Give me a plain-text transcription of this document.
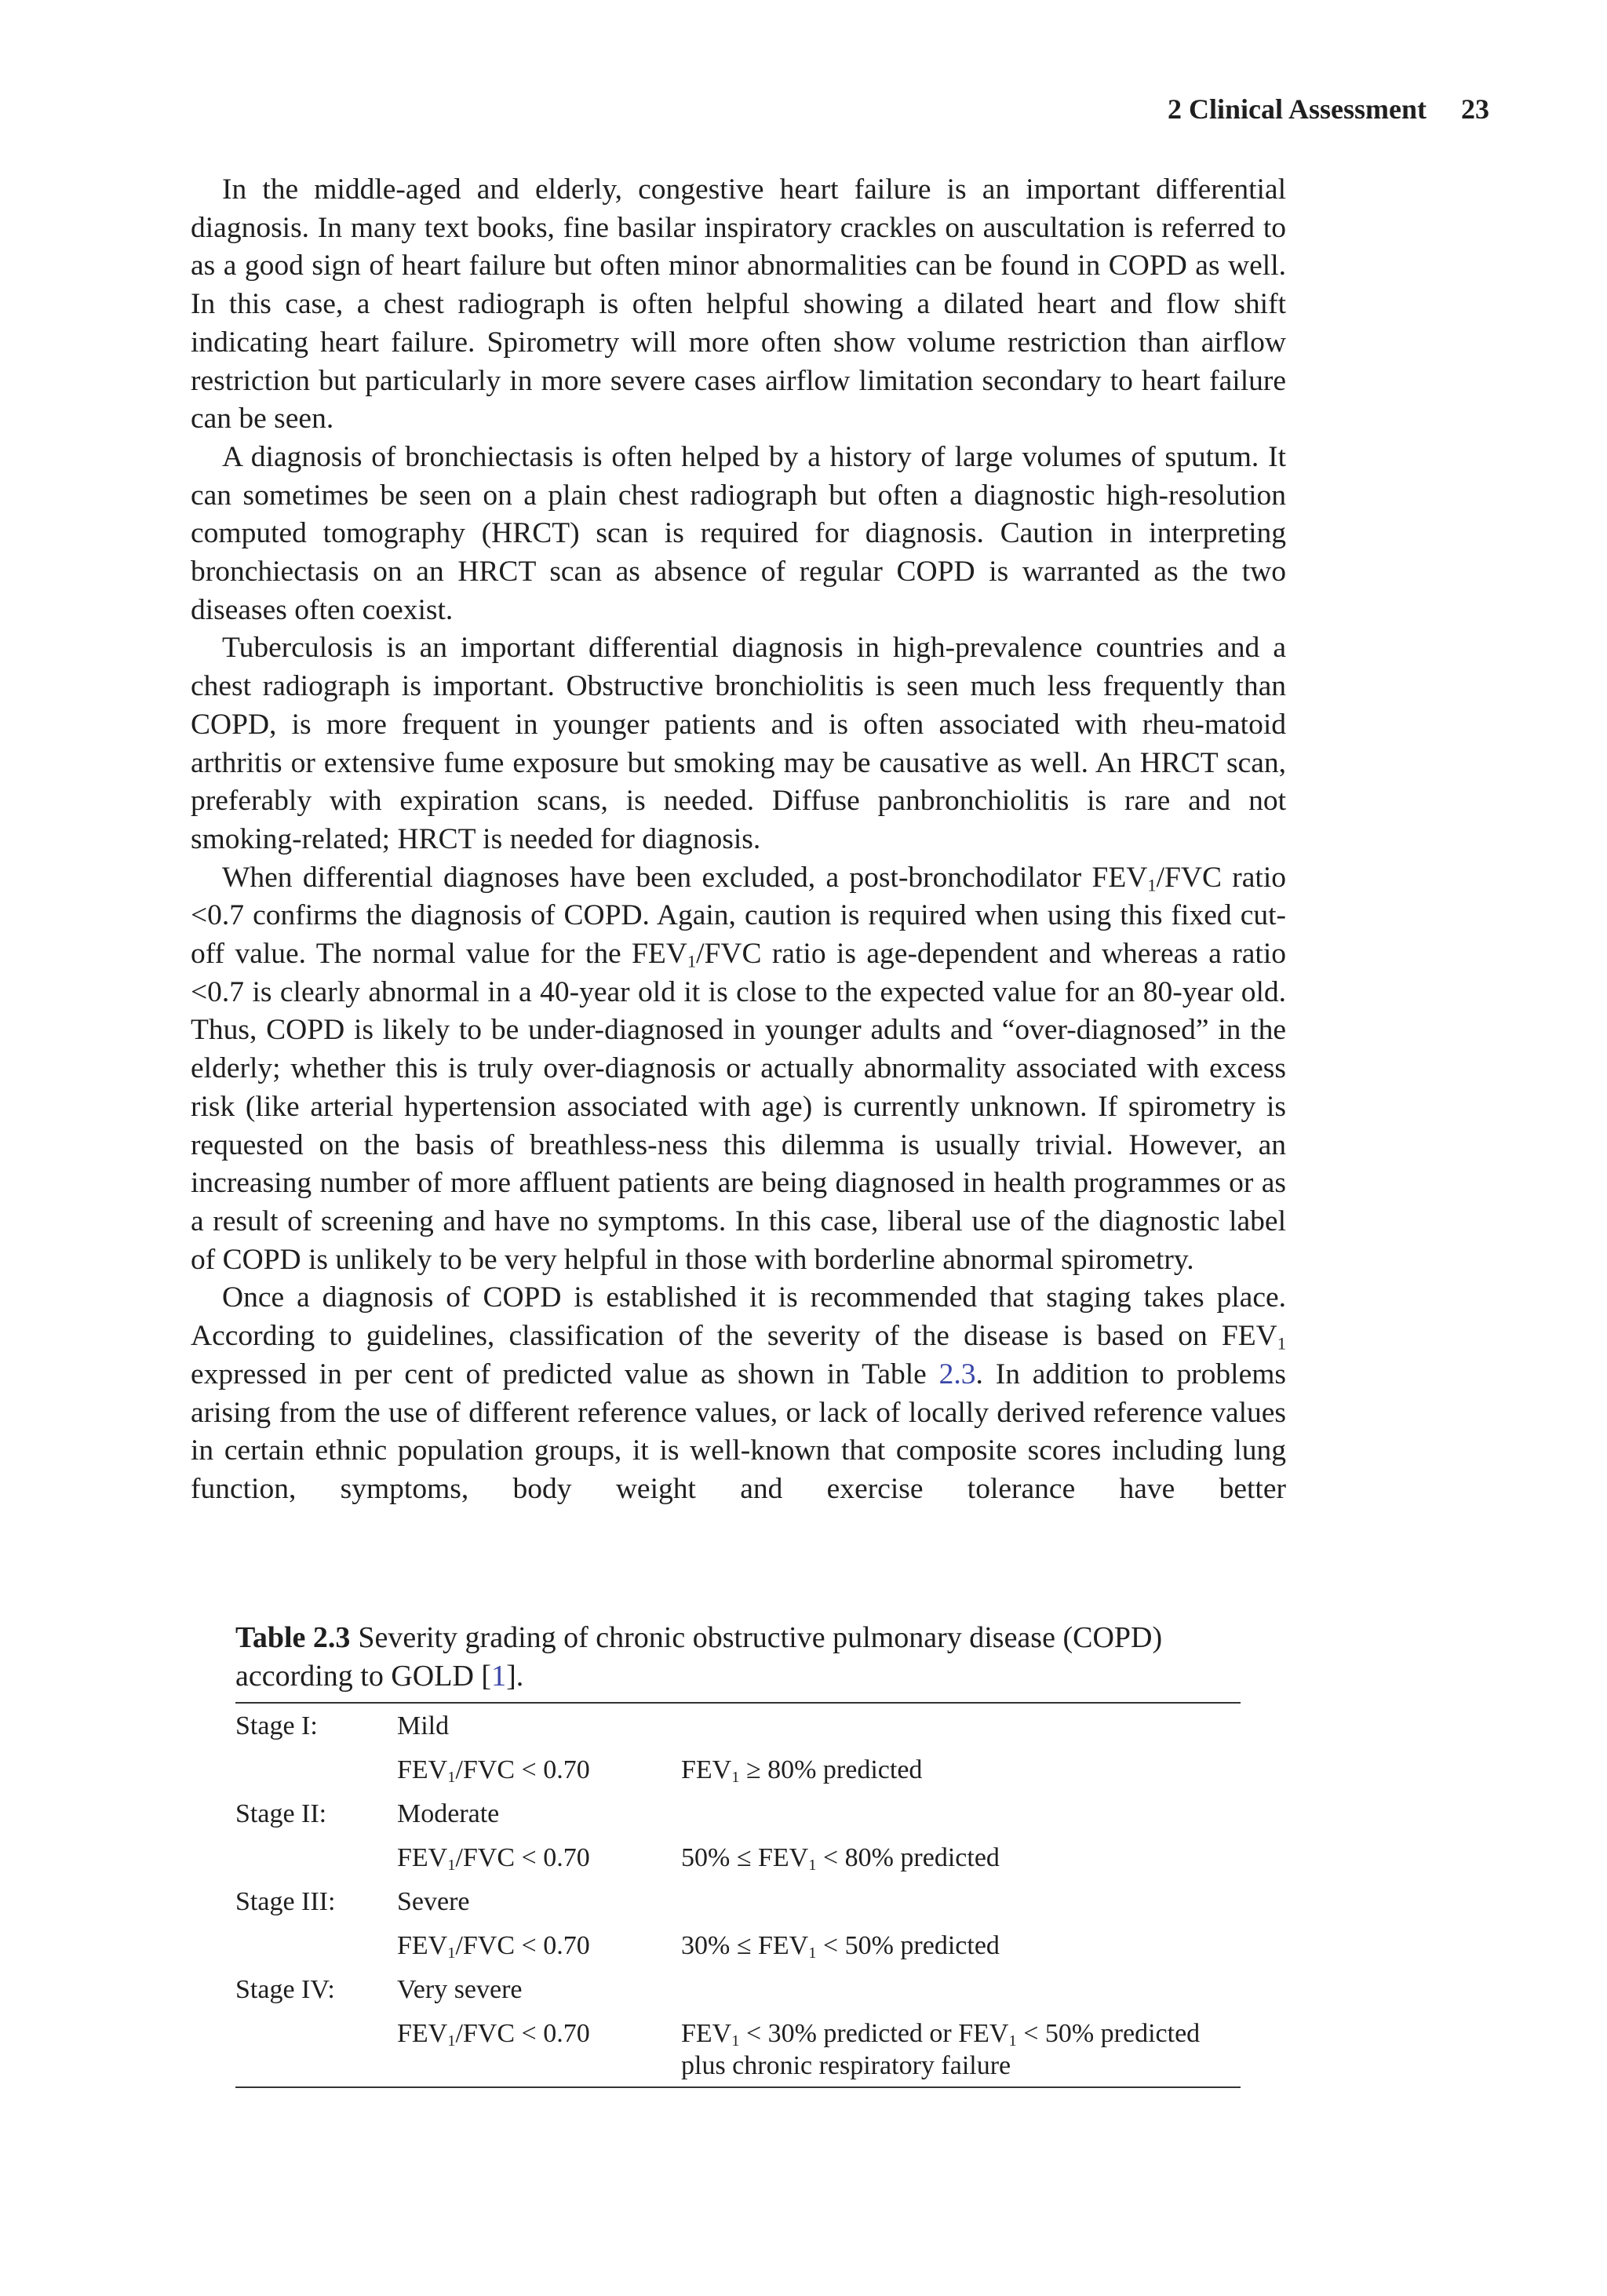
2 Clinical Assessment 23

In the middle-aged and elderly, congestive heart failure is an important differential diagnosis. In many text books, fine basilar inspiratory crackles on auscultation is referred to as a good sign of heart failure but often minor abnormalities can be found in COPD as well. In this case, a chest radiograph is often helpful showing a dilated heart and flow shift indicating heart failure. Spirometry will more often show volume restriction than airflow restriction but particularly in more severe cases airflow limitation secondary to heart failure can be seen.

A diagnosis of bronchiectasis is often helped by a history of large volumes of sputum. It can sometimes be seen on a plain chest radiograph but often a diagnostic high-resolution computed tomography (HRCT) scan is required for diagnosis. Caution in interpreting bronchiectasis on an HRCT scan as absence of regular COPD is warranted as the two diseases often coexist.

Tuberculosis is an important differential diagnosis in high-prevalence countries and a chest radiograph is important. Obstructive bronchiolitis is seen much less frequently than COPD, is more frequent in younger patients and is often associated with rheu-matoid arthritis or extensive fume exposure but smoking may be causative as well. An HRCT scan, preferably with expiration scans, is needed. Diffuse panbronchiolitis is rare and not smoking-related; HRCT is needed for diagnosis.

When differential diagnoses have been excluded, a post-bronchodilator $FEV_1$/FVC ratio <0.7 confirms the diagnosis of COPD. Again, caution is required when using this fixed cut-off value. The normal value for the $FEV_1$/FVC ratio is age-dependent and whereas a ratio <0.7 is clearly abnormal in a 40-year old it is close to the expected value for an 80-year old. Thus, COPD is likely to be under-diagnosed in younger adults and “over-diagnosed” in the elderly; whether this is truly over-diagnosis or actually abnormality associated with excess risk (like arterial hypertension associated with age) is currently unknown. If spirometry is requested on the basis of breathless-ness this dilemma is usually trivial. However, an increasing number of more affluent patients are being diagnosed in health programmes or as a result of screening and have no symptoms. In this case, liberal use of the diagnostic label of COPD is unlikely to be very helpful in those with borderline abnormal spirometry.

Once a diagnosis of COPD is established it is recommended that staging takes place. According to guidelines, classification of the severity of the disease is based on $FEV_1$ expressed in per cent of predicted value as shown in Table 2.3. In addition to problems arising from the use of different reference values, or lack of locally derived reference values in certain ethnic population groups, it is well-known that composite scores including lung function, symptoms, body weight and exercise tolerance have better

Table 2.3 Severity grading of chronic obstructive pulmonary disease (COPD) according to GOLD [1].
Stage I:	Mild
$FEV_1$/FVC < 0.70	$FEV_1 \ge 80\%$ predicted
Stage II:	Moderate
$FEV_1$/FVC < 0.70	$50\% \le FEV_1 < 80\%$ predicted
Stage III:	Severe
$FEV_1$/FVC < 0.70	$30\% \le FEV_1 < 50\%$ predicted
Stage IV:	Very severe
$FEV_1$/FVC < 0.70	$FEV_1 < 30\%$ predicted or $FEV_1 < 50\%$ predicted
plus chronic respiratory failure
